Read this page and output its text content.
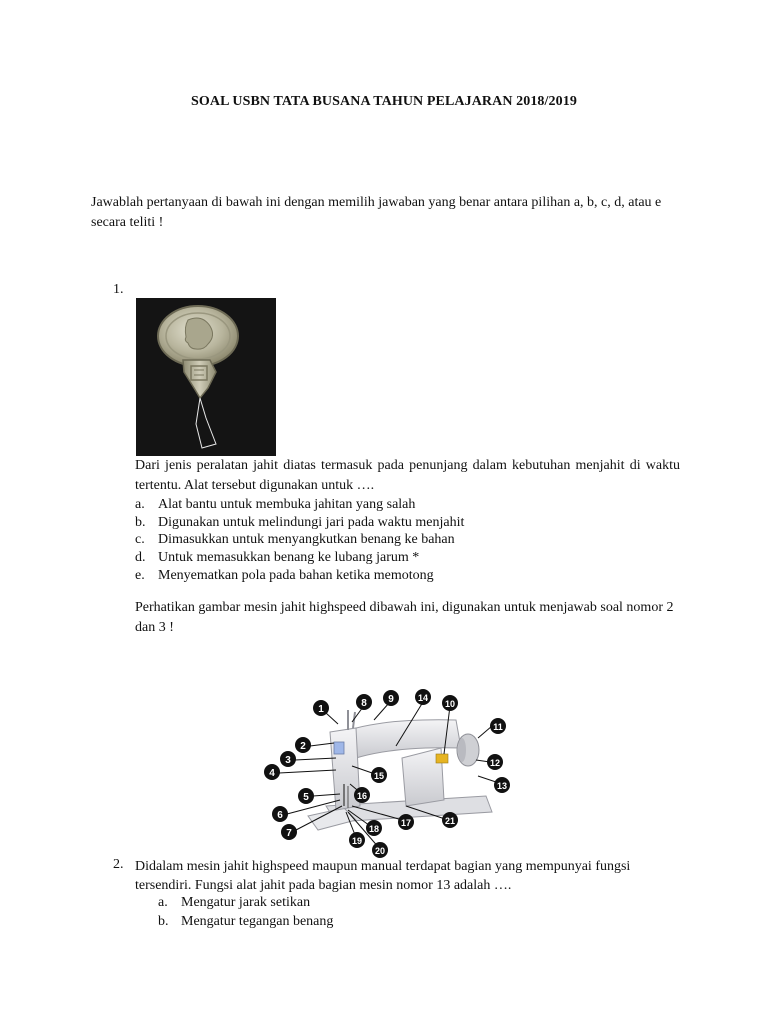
SOAL USBN TATA BUSANA TAHUN PELAJARAN 2018/2019
Jawablah pertanyaan di bawah ini dengan memilih jawaban yang benar antara pilihan a, b, c, d, atau e secara teliti !
1.
Dari jenis peralatan jahit diatas termasuk pada penunjang dalam kebutuhan menjahit di waktu tertentu. Alat tersebut digunakan untuk ….
a. Alat bantu untuk membuka jahitan yang salah
b. Digunakan untuk melindungi jari pada waktu menjahit
c. Dimasukkan untuk menyangkutkan benang ke bahan
d. Untuk memasukkan benang ke lubang jarum *
e. Menyematkan pola pada bahan ketika memotong
Perhatikan gambar mesin jahit highspeed dibawah ini, digunakan untuk menjawab soal nomor 2 dan 3 !
1
2
3
4
5
6
7
8 9	14
10
11
12
13
15
16
17
18
19
20
21
2. Didalam mesin jahit highspeed maupun manual terdapat bagian yang mempunyai fungsi tersendiri. Fungsi alat jahit pada bagian mesin nomor 13 adalah ….
a. Mengatur jarak setikan
b. Mengatur tegangan benang
